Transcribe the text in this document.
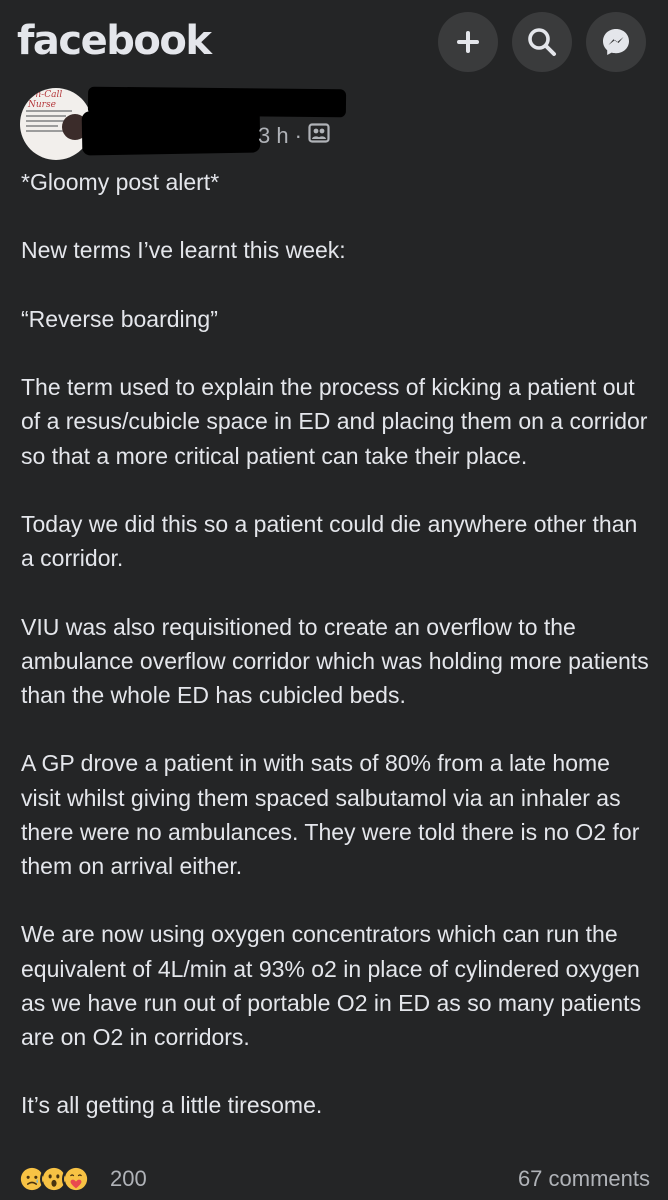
facebook
On-Call Nurse
3 h ·

*Gloomy post alert*

New terms I’ve learnt this week:

“Reverse boarding”

The term used to explain the process of kicking a patient out of a resus/cubicle space in ED and placing them on a corridor so that a more critical patient can take their place.

Today we did this so a patient could die anywhere other than a corridor.

VIU was also requisitioned to create an overflow to the ambulance overflow corridor which was holding more patients than the whole ED has cubicled beds.

A GP drove a patient in with sats of 80% from a late home visit whilst giving them spaced salbutamol via an inhaler as there were no ambulances. They were told there is no O2 for them on arrival either.

We are now using oxygen concentrators which can run the equivalent of 4L/min at 93% o2 in place of cylindered oxygen as we have run out of portable O2 in ED as so many patients are on O2 in corridors.

It’s all getting a little tiresome.

200	67 comments
